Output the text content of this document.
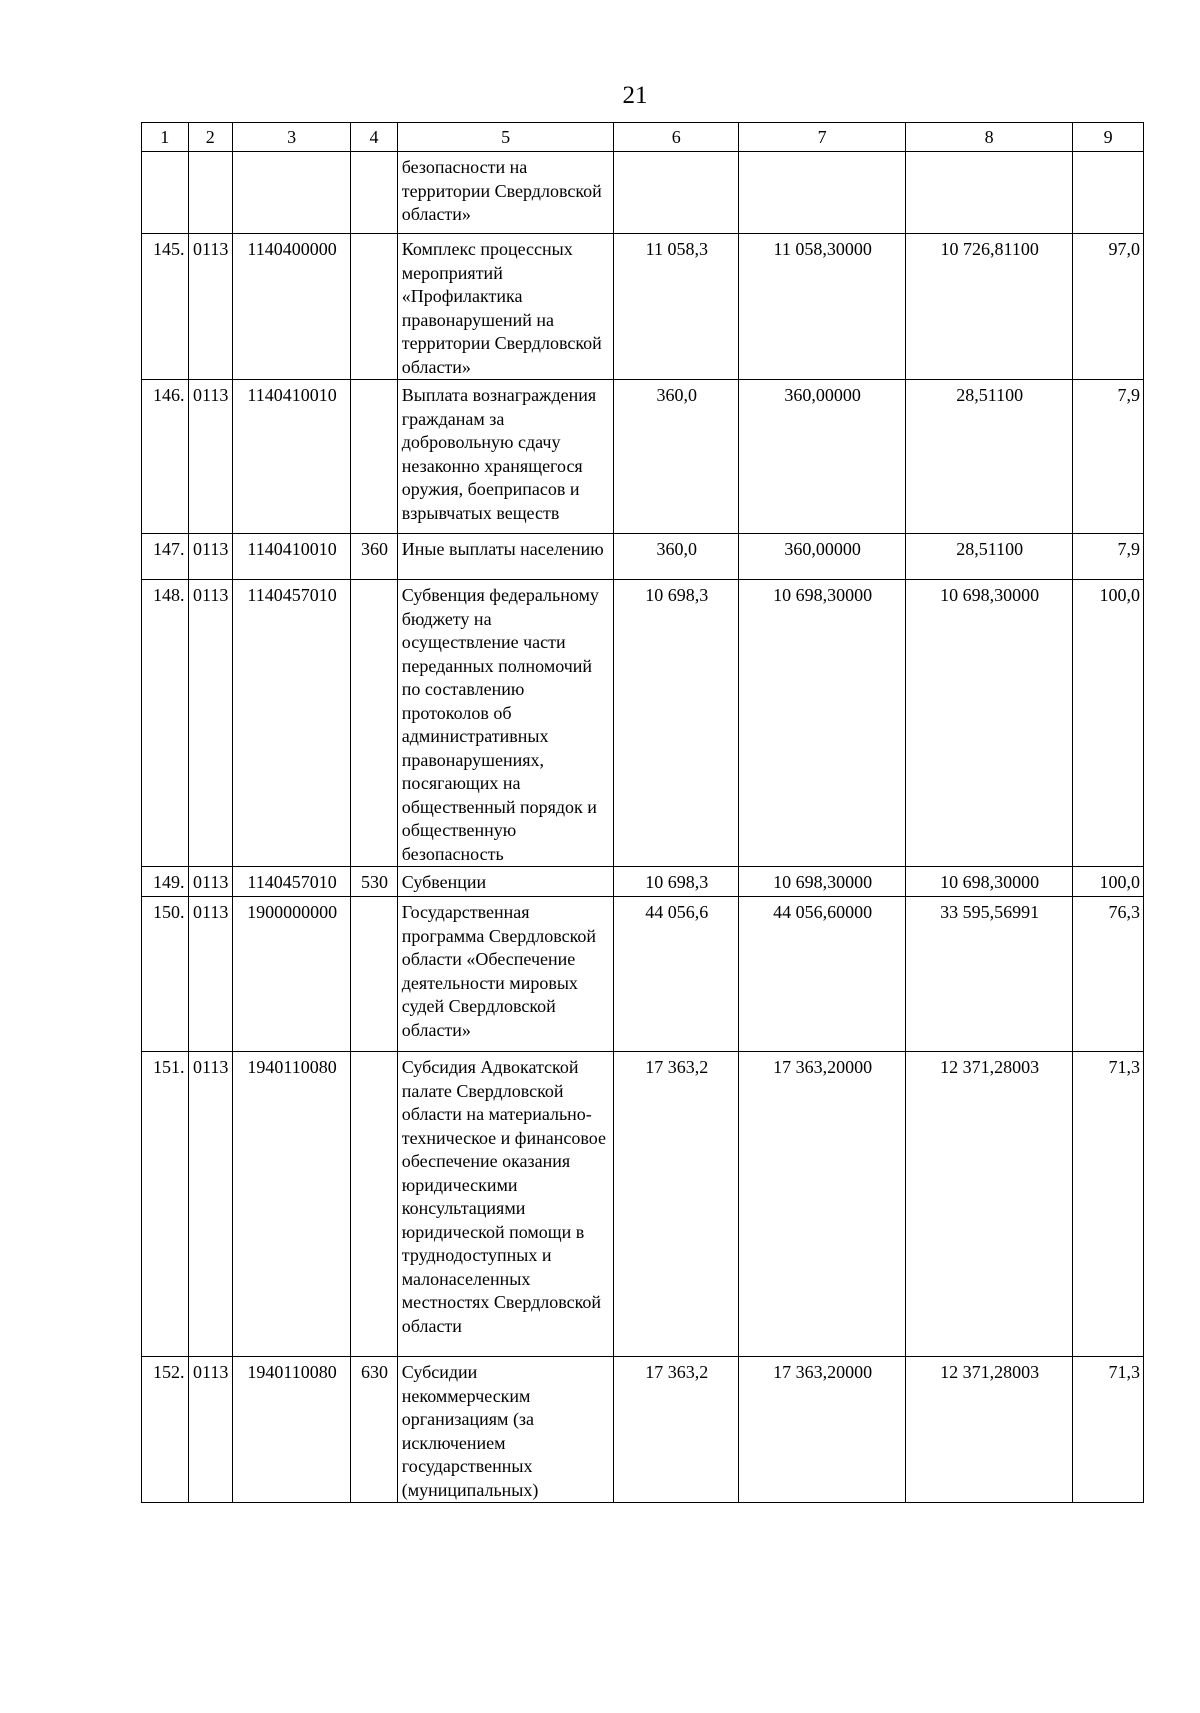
21
1	2	3	4	5	6	7	8	9
				безопасности на территории Свердловской области»				
145.	0113	1140400000		Комплекс процессных мероприятий «Профилактика правонарушений на территории Свердловской области»	11 058,3	11 058,30000	10 726,81100	97,0
146.	0113	1140410010		Выплата вознаграждения гражданам за добровольную сдачу незаконно хранящегося оружия, боеприпасов и взрывчатых веществ	360,0	360,00000	28,51100	7,9
147.	0113	1140410010	360	Иные выплаты населению	360,0	360,00000	28,51100	7,9
148.	0113	1140457010		Субвенция федеральному бюджету на осуществление части переданных полномочий по составлению протоколов об административных правонарушениях, посягающих на общественный порядок и общественную безопасность	10 698,3	10 698,30000	10 698,30000	100,0
149.	0113	1140457010	530	Субвенции	10 698,3	10 698,30000	10 698,30000	100,0
150.	0113	1900000000		Государственная программа Свердловской области «Обеспечение деятельности мировых судей Свердловской области»	44 056,6	44 056,60000	33 595,56991	76,3
151.	0113	1940110080		Субсидия Адвокатской палате Свердловской области на материально-техническое и финансовое обеспечение оказания юридическими консультациями юридической помощи в труднодоступных и малонаселенных местностях Свердловской области	17 363,2	17 363,20000	12 371,28003	71,3
152.	0113	1940110080	630	Субсидии некоммерческим организациям (за исключением государственных (муниципальных)	17 363,2	17 363,20000	12 371,28003	71,3
